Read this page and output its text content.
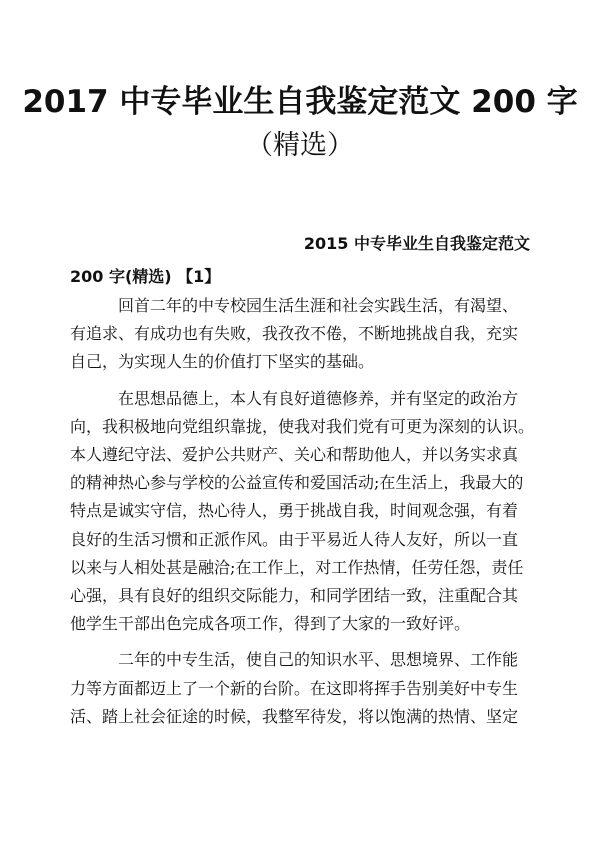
2017 中专毕业生自我鉴定范文 200 字
（精选）
2015 中专毕业生自我鉴定范文
200 字(精选) 【1】
回首二年的中专校园生活生涯和社会实践生活，有渴望、
有追求、有成功也有失败，我孜孜不倦，不断地挑战自我，充实
自己，为实现人生的价值打下坚实的基础。
在思想品德上，本人有良好道德修养，并有坚定的政治方
向，我积极地向党组织靠拢，使我对我们党有可更为深刻的认识。
本人遵纪守法、爱护公共财产、关心和帮助他人，并以务实求真
的精神热心参与学校的公益宣传和爱国活动;在生活上，我最大的
特点是诚实守信，热心待人，勇于挑战自我，时间观念强，有着
良好的生活习惯和正派作风。由于平易近人待人友好，所以一直
以来与人相处甚是融洽;在工作上，对工作热情，任劳任怨，责任
心强，具有良好的组织交际能力，和同学团结一致，注重配合其
他学生干部出色完成各项工作，得到了大家的一致好评。
二年的中专生活，使自己的知识水平、思想境界、工作能
力等方面都迈上了一个新的台阶。在这即将挥手告别美好中专生
活、踏上社会征途的时候，我整军待发，将以饱满的热情、坚定
